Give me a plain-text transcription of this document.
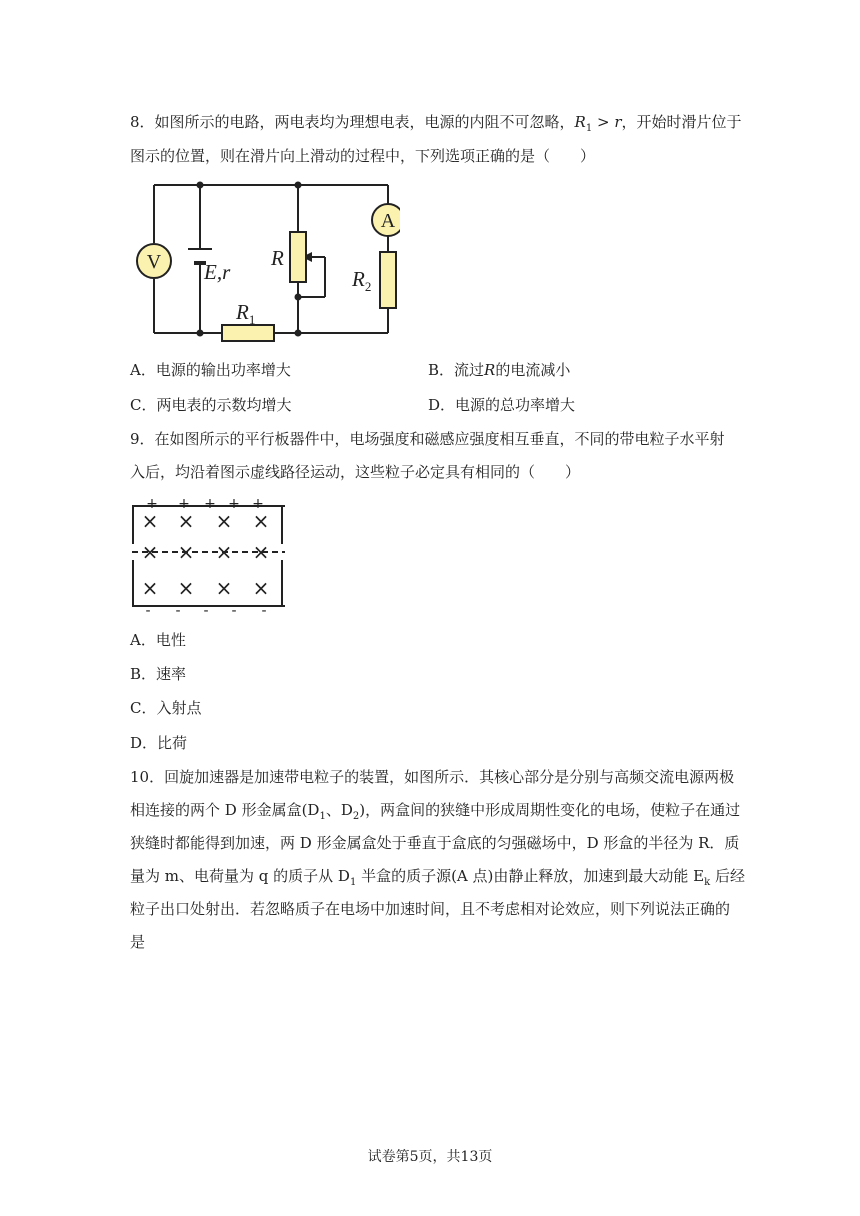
8．如图所示的电路，两电表均为理想电表，电源的内阻不可忽略，$R_1 > r$，开始时滑片位于
图示的位置，则在滑片向上滑动的过程中，下列选项正确的是（　　）
V
A
E,r
R
$R_1$
$R_2$
A．电源的输出功率增大	B．流过R的电流减小
C．两电表的示数均增大	D．电源的总功率增大
9．在如图所示的平行板器件中，电场强度和磁感应强度相互垂直，不同的带电粒子水平射
入后，均沿着图示虚线路径运动，这些粒子必定具有相同的（　　）
+ + + + +
- - - - -
× × × ×
× × × ×
× × × ×
A．电性
B．速率
C．入射点
D．比荷
10．回旋加速器是加速带电粒子的装置，如图所示．其核心部分是分别与高频交流电源两极
相连接的两个 D 形金属盒($D_1$、$D_2$)，两盒间的狭缝中形成周期性变化的电场，使粒子在通过
狭缝时都能得到加速，两 D 形金属盒处于垂直于盒底的匀强磁场中，D 形盒的半径为 R．质
量为 m、电荷量为 q 的质子从 $D_1$ 半盒的质子源(A 点)由静止释放，加速到最大动能 $E_k$ 后经
粒子出口处射出．若忽略质子在电场中加速时间，且不考虑相对论效应，则下列说法正确的
是
试卷第5页，共13页
